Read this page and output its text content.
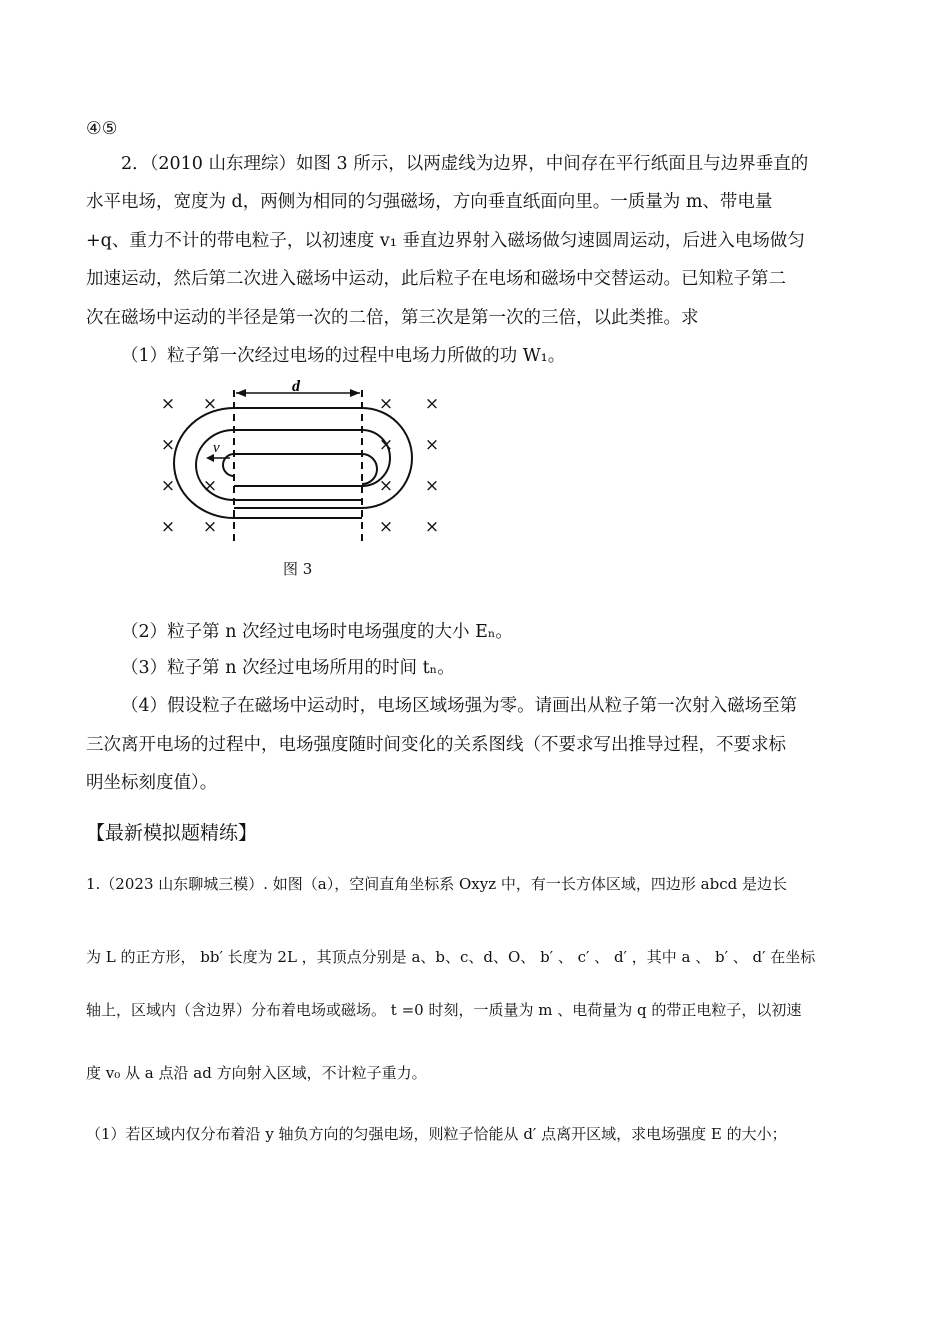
④⑤
2．（2010 山东理综）如图 3 所示，以两虚线为边界，中间存在平行纸面且与边界垂直的
水平电场，宽度为 d，两侧为相同的匀强磁场，方向垂直纸面向里。一质量为 m、带电量
+q、重力不计的带电粒子，以初速度 v₁ 垂直边界射入磁场做匀速圆周运动，后进入电场做匀
加速运动，然后第二次进入磁场中运动，此后粒子在电场和磁场中交替运动。已知粒子第二
次在磁场中运动的半径是第一次的二倍，第三次是第一次的三倍，以此类推。求
（1）粒子第一次经过电场的过程中电场力所做的功 W₁。
d
v
× ×
×
× ×
× ×
× ×
× ×
× ×
× ×
图 3
（2）粒子第 n 次经过电场时电场强度的大小 Eₙ。
（3）粒子第 n 次经过电场所用的时间 tₙ。
（4）假设粒子在磁场中运动时，电场区域场强为零。请画出从粒子第一次射入磁场至第
三次离开电场的过程中，电场强度随时间变化的关系图线（不要求写出推导过程，不要求标
明坐标刻度值）。
【最新模拟题精练】
1.（2023 山东聊城三模）. 如图（a），空间直角坐标系 Oxyz 中，有一长方体区域，四边形 abcd 是边长
为 L 的正方形， bb′ 长度为 2L ，其顶点分别是 a、b、c、d、O、 b′ 、 c′ 、 d′ ，其中 a 、 b′ 、 d′ 在坐标
轴上，区域内（含边界）分布着电场或磁场。 t =0 时刻，一质量为 m 、电荷量为 q 的带正电粒子，以初速
度 v₀ 从 a 点沿 ad 方向射入区域，不计粒子重力。
（1）若区域内仅分布着沿 y 轴负方向的匀强电场，则粒子恰能从 d′ 点离开区域，求电场强度 E 的大小；
